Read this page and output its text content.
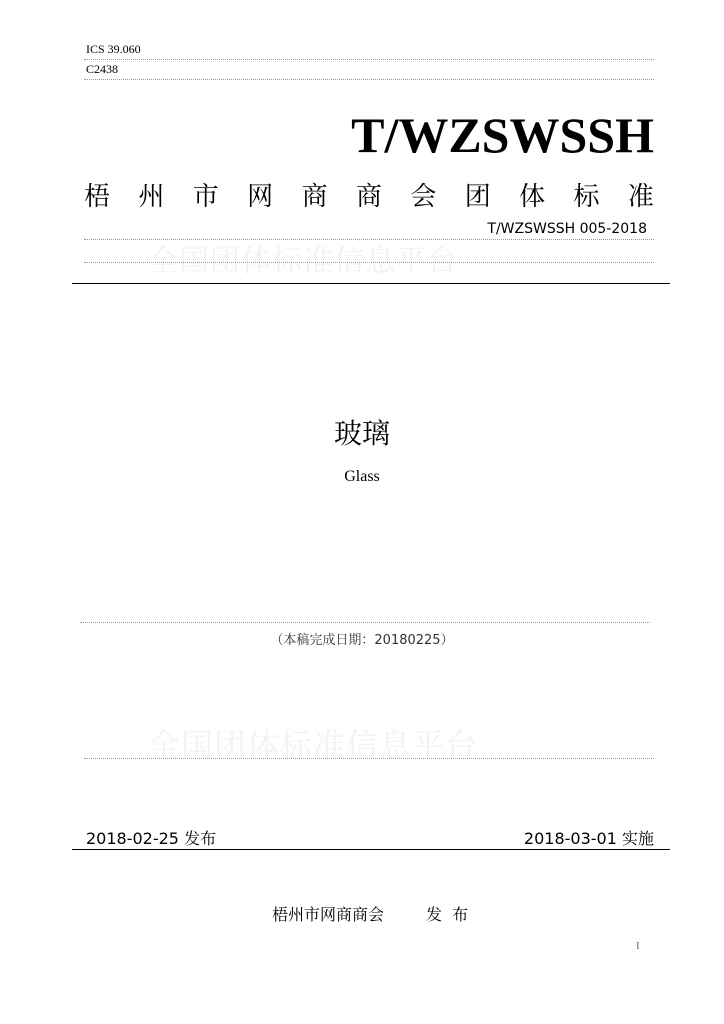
ICS 39.060
C2438
T/WZSWSSH
梧 州 市 网 商 商 会 团 体 标 准
T/WZSWSSH 005-2018
全国团体标准信息平台
玻璃
Glass
（本稿完成日期：20180225）
全国团体标准信息平台
2018-02-25 发布	2018-03-01 实施
梧州市网商商会	发  布
I
